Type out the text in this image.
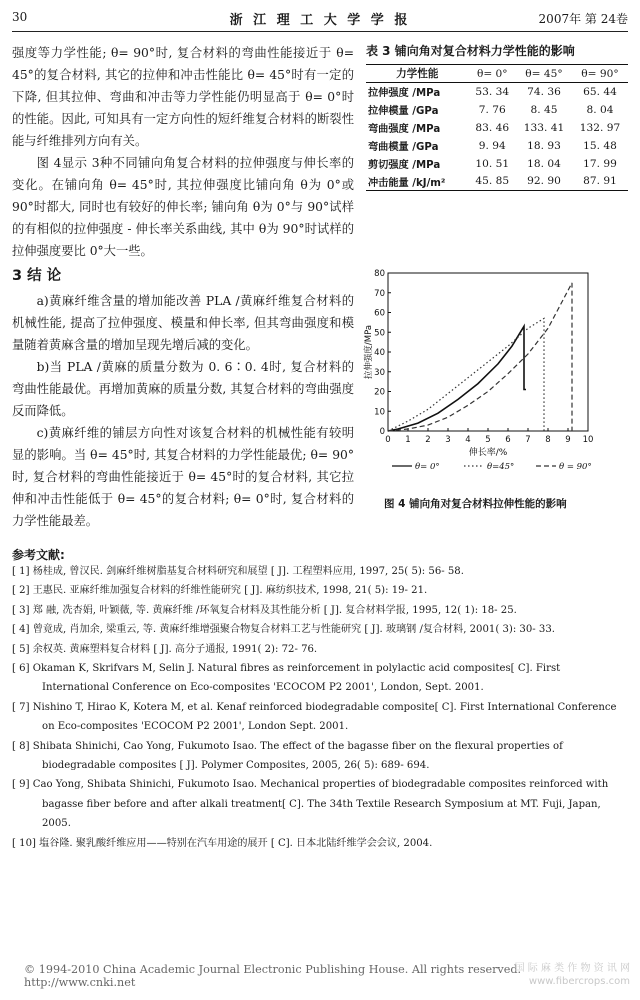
30	浙 江 理 工 大 学 学 报	2007年 第 24卷

强度等力学性能; θ= 90°时, 复合材料的弯曲性能接近于 θ= 45°的复合材料, 其它的拉伸和冲击性能比 θ= 45°时有一定的下降, 但其拉伸、弯曲和冲击等力学性能仍明显高于 θ= 0°时的性能。因此, 可知具有一定方向性的短纤维复合材料的断裂性能与纤维排列方向有关。

图 4显示 3种不同铺向角复合材料的拉伸强度与伸长率的变化。在铺向角 θ= 45°时, 其拉伸强度比铺向角 θ为 0°或 90°时都大, 同时也有较好的伸长率; 铺向角 θ为 0°与 90°试样的有相似的拉伸强度 - 伸长率关系曲线, 其中 θ为 90°时试样的拉伸强度要比 0°大一些。

3 结 论

a)黄麻纤维含量的增加能改善 PLA /黄麻纤维复合材料的机械性能, 提高了拉伸强度、模量和伸长率, 但其弯曲强度和模量随着黄麻含量的增加呈现先增后减的变化。

b)当 PLA /黄麻的质量分数为 0. 6∶0. 4时, 复合材料的弯曲性能最优。再增加黄麻的质量分数, 其复合材料的弯曲强度反而降低。

c)黄麻纤维的铺层方向性对该复合材料的机械性能有较明显的影响。当 θ= 45°时, 其复合材料的力学性能最优; θ= 90°时, 复合材料的弯曲性能接近于 θ= 45°时的复合材料, 其它拉伸和冲击性能低于 θ= 45°的复合材料; θ= 0°时, 复合材料的力学性能最差。

表 3 铺向角对复合材料力学性能的影响
力学性能	θ= 0°	θ= 45°	θ= 90°
拉伸强度 /MPa	53. 34	74. 36	65. 44
拉伸模量 /GPa	7. 76	8. 45	8. 04
弯曲强度 /MPa	83. 46	133. 41	132. 97
弯曲模量 /GPa	9. 94	18. 93	15. 48
剪切强度 /MPa	10. 51	18. 04	17. 99
冲击能量 /kJ/m²	45. 85	92. 90	87. 91
0 1 2 3 4 5 6 7 8 9 10
0
10
20
30
40
50
60
70
80
拉伸强度/MPa
伸长率/%
θ= 0°	θ=45°	θ = 90°
图 4 铺向角对复合材料拉伸性能的影响
参考文献:
[ 1] 杨桂成, 曾汉民. 剑麻纤维树脂基复合材料研究和展望 [ J]. 工程塑料应用, 1997, 25( 5): 56- 58.
[ 2] 王惠民. 亚麻纤维加强复合材料的纤维性能研究 [ J]. 麻纺织技术, 1998, 21( 5): 19- 21.
[ 3] 郑 融, 冼杏娟, 叶颖薇, 等. 黄麻纤维 /环氧复合材料及其性能分析 [ J]. 复合材料学报, 1995, 12( 1): 18- 25.
[ 4] 曾竟成, 肖加余, 梁重云, 等. 黄麻纤维增强聚合物复合材料工艺与性能研究 [ J]. 玻璃钢 /复合材料, 2001( 3): 30- 33.
[ 5] 余权英. 黄麻塑料复合材料 [ J]. 高分子通报, 1991( 2): 72- 76.
[ 6] Okaman K, Skrifvars M, Selin J. Natural fibres as reinforcement in polylactic acid composites[ C]. First International Conference on Eco-composites 'ECOCOM P2 2001', London, Sept. 2001.
[ 7] Nishino T, Hirao K, Kotera M, et al. Kenaf reinforced biodegradable composite[ C]. First International Conference on Eco-composites 'ECOCOM P2 2001', London Sept. 2001.
[ 8] Shibata Shinichi, Cao Yong, Fukumoto Isao. The effect of the bagasse fiber on the flexural properties of biodegradable composites [ J]. Polymer Composites, 2005, 26( 5): 689- 694.
[ 9] Cao Yong, Shibata Shinichi, Fukumoto Isao. Mechanical properties of biodegradable composites reinforced with bagasse fiber before and after alkali treatment[ C]. The 34th Textile Research Symposium at MT. Fuji, Japan, 2005.
[ 10] 塩谷隆. 聚乳酸纤维应用——特别在汽车用途的展开 [ C]. 日本北陆纤维学会会议, 2004.
© 1994-2010 China Academic Journal Electronic Publishing House. All rights reserved. http://www.cnki.net
国 际 麻 类 作 物 资 讯 网
www.fibercrops.com
